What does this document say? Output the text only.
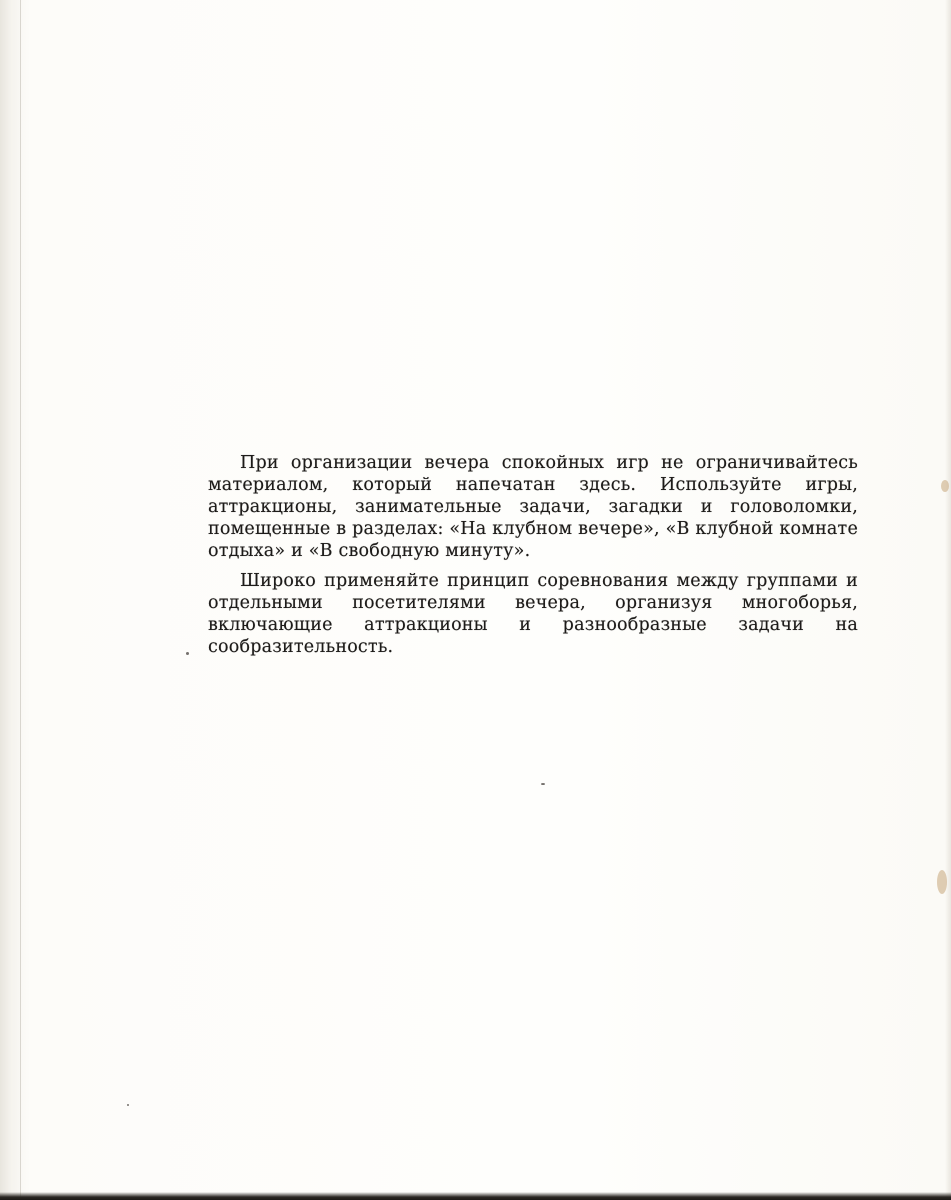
При организации вечера спокойных игр не ограничивайтесь материалом, который напечатан здесь. Используйте игры, аттракционы, занимательные задачи, загадки и головоломки, помещенные в разделах: «На клубном вечере», «В клубной комнате отдыха» и «В свободную минуту».

Широко применяйте принцип соревнования между группами и отдельными посетителями вечера, организуя многоборья, включающие аттракционы и разнообразные задачи на сообразительность.
